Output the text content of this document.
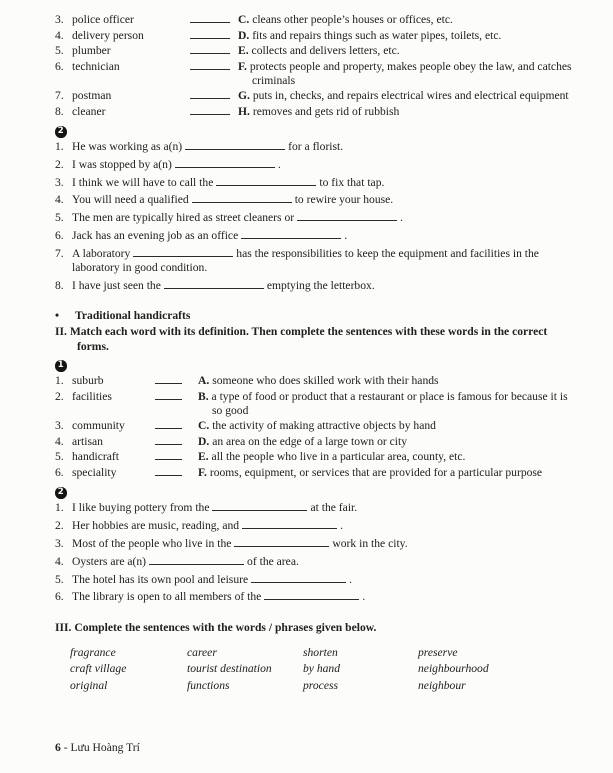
3. police officer	C. cleans other people’s houses or offices, etc.
4. delivery person	D. fits and repairs things such as water pipes, toilets, etc.
5. plumber	E. collects and delivers letters, etc.
6. technician	F. protects people and property, makes people obey the law, and catches criminals
7. postman	G. puts in, checks, and repairs electrical wires and electrical equipment
8. cleaner	H. removes and gets rid of rubbish
2
1. He was working as a(n)	for a florist.
2. I was stopped by a(n)	.
3. I think we will have to call the	to fix that tap.
4. You will need a qualified	to rewire your house.
5. The men are typically hired as street cleaners or	.
6. Jack has an evening job as an office	.
7. A laboratory	has the responsibilities to keep the equipment and facilities in the laboratory in good condition.
8. I have just seen the	emptying the letterbox.
• Traditional handicrafts
II. Match each word with its definition. Then complete the sentences with these words in the correct forms.
1
1. suburb	A. someone who does skilled work with their hands
2. facilities	B. a type of food or product that a restaurant or place is famous for because it is so good
3. community	C. the activity of making attractive objects by hand
4. artisan	D. an area on the edge of a large town or city
5. handicraft	E. all the people who live in a particular area, county, etc.
6. speciality	F. rooms, equipment, or services that are provided for a particular purpose
2
1. I like buying pottery from the	at the fair.
2. Her hobbies are music, reading, and	.
3. Most of the people who live in the	work in the city.
4. Oysters are a(n)	of the area.
5. The hotel has its own pool and leisure	.
6. The library is open to all members of the	.
III. Complete the sentences with the words / phrases given below.
fragrance	career	shorten	preserve
craft village	tourist destination	by hand	neighbourhood
original	functions	process	neighbour
6 - Lưu Hoàng Trí
